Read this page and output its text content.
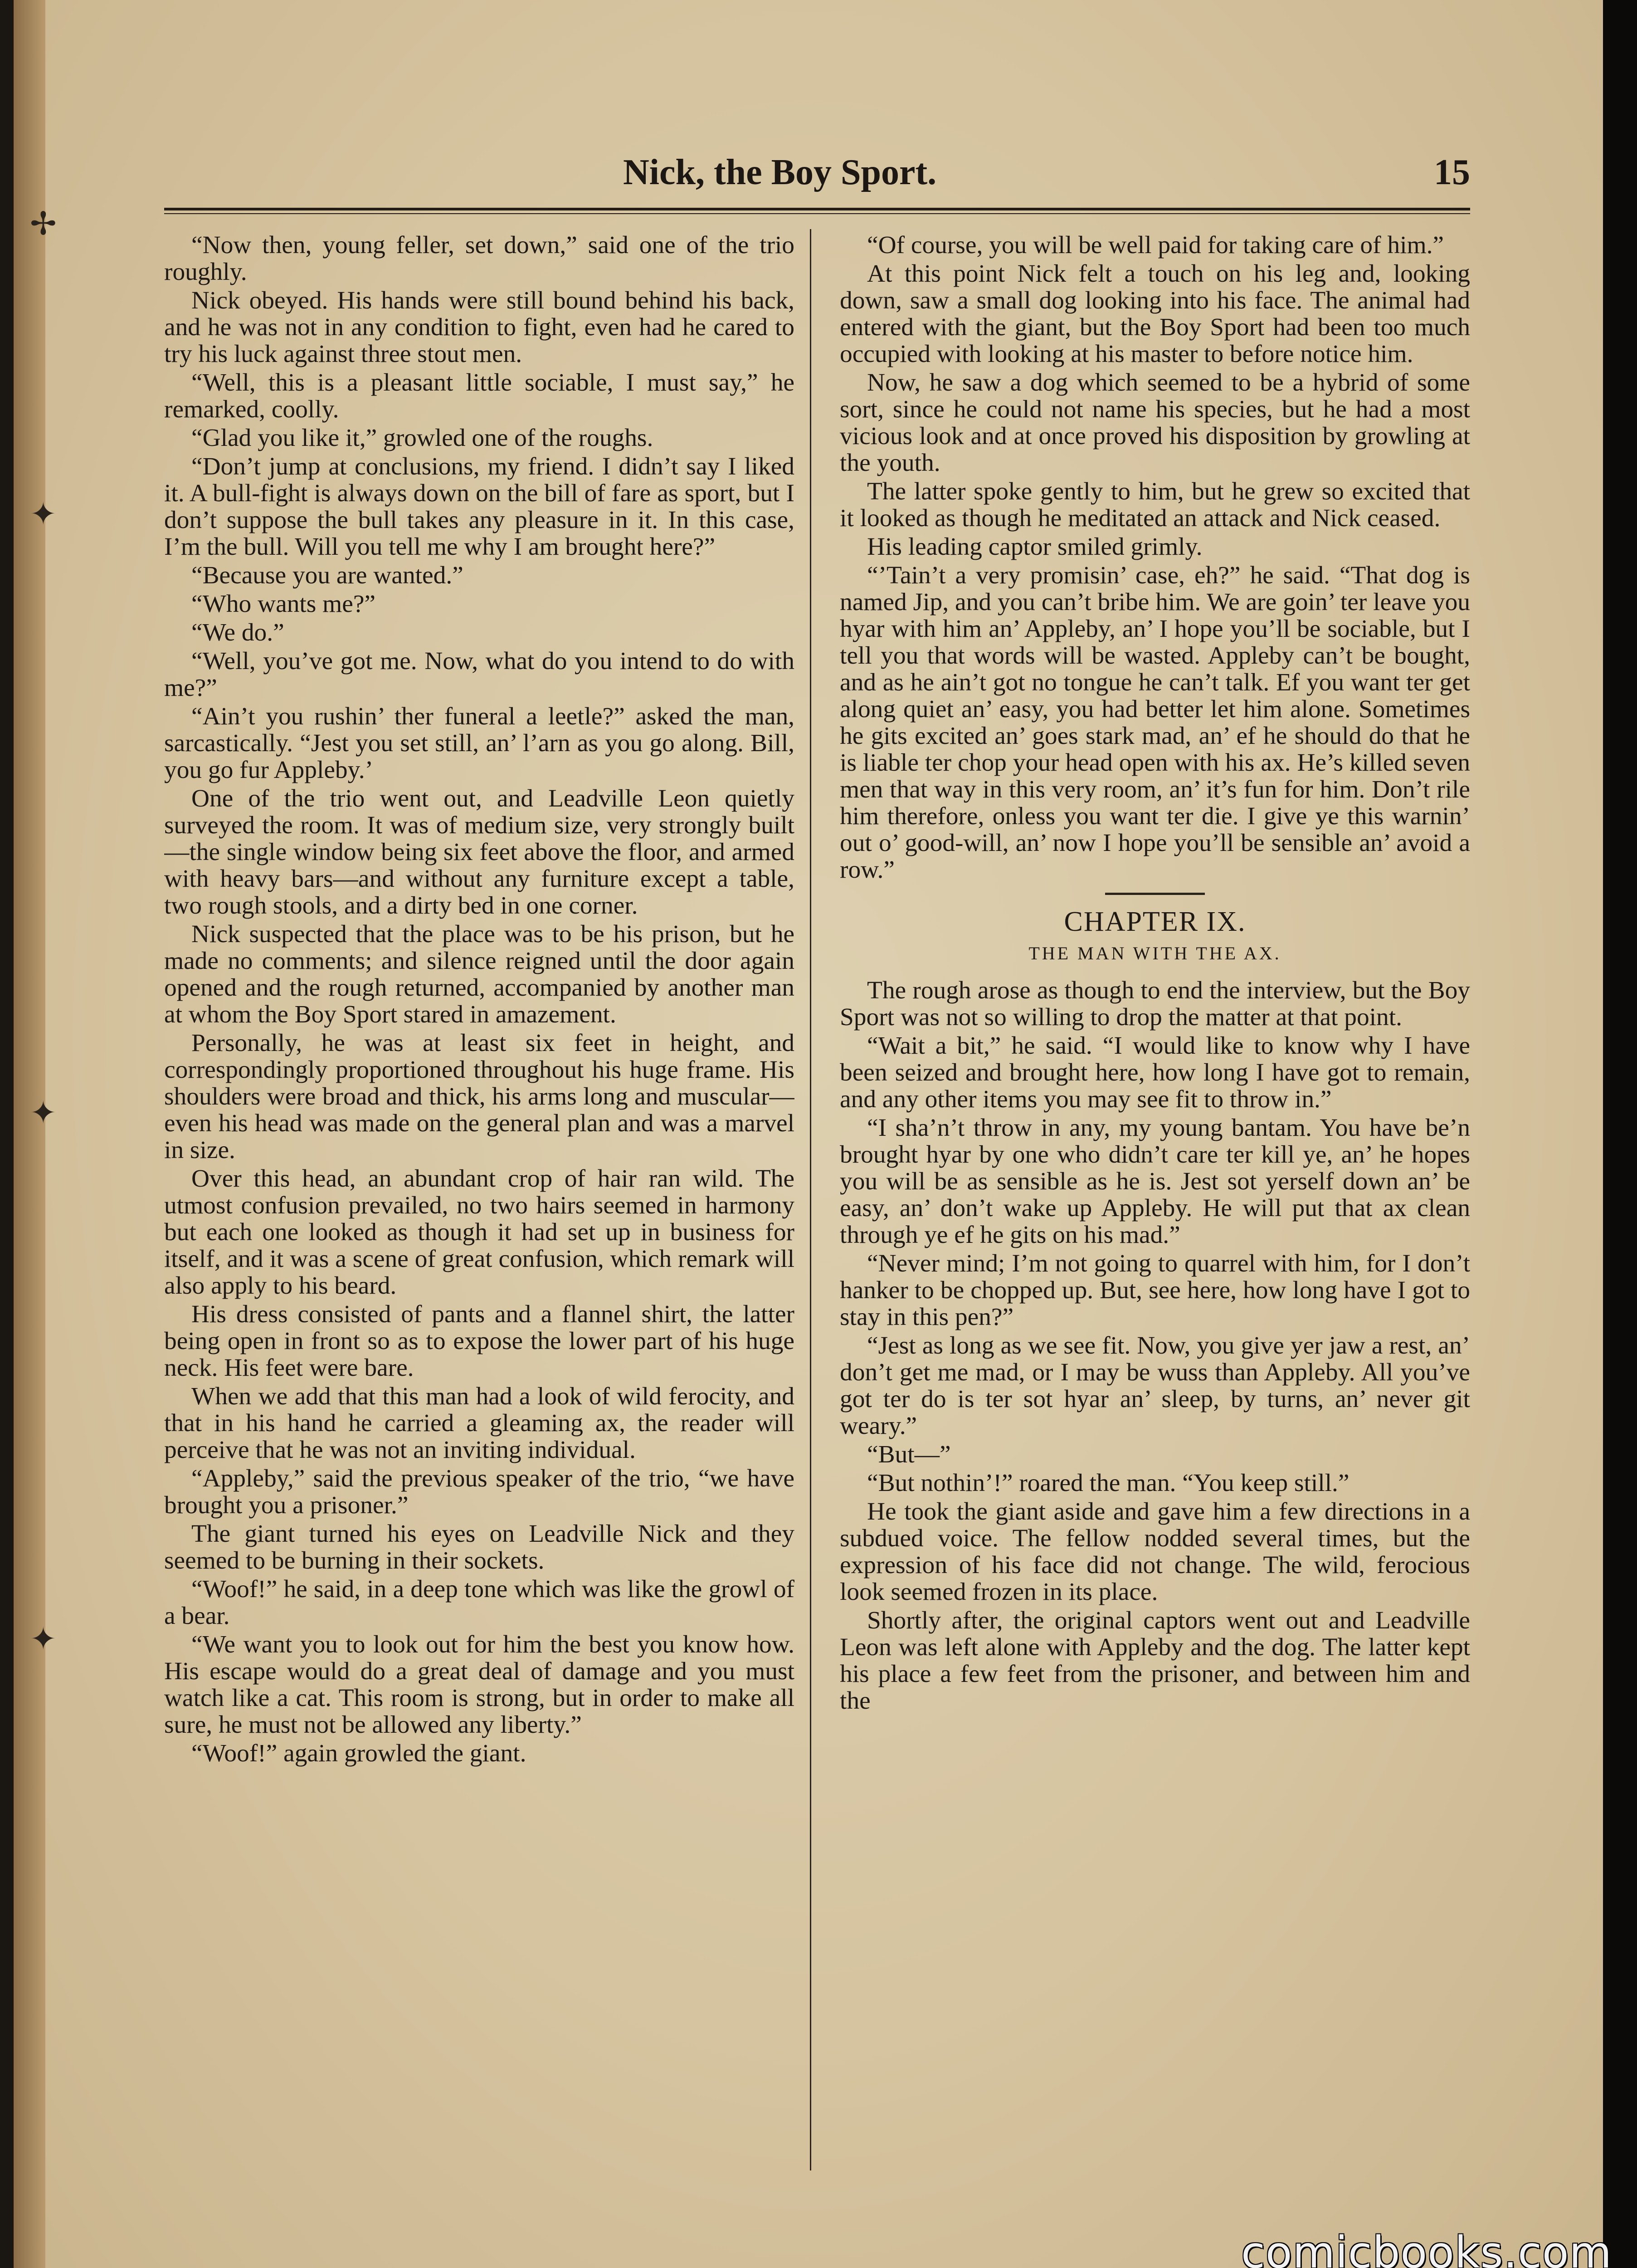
✢
✦
✦
✦
Nick, the Boy Sport.	15

“Now then, young feller, set down,” said one of the trio roughly.

Nick obeyed. His hands were still bound behind his back, and he was not in any condition to fight, even had he cared to try his luck against three stout men.

“Well, this is a pleasant little sociable, I must say,” he remarked, coolly.

“Glad you like it,” growled one of the roughs.

“Don’t jump at conclusions, my friend. I didn’t say I liked it. A bull-fight is always down on the bill of fare as sport, but I don’t suppose the bull takes any pleasure in it. In this case, I’m the bull. Will you tell me why I am brought here?”

“Because you are wanted.”

“Who wants me?”

“We do.”

“Well, you’ve got me. Now, what do you intend to do with me?”

“Ain’t you rushin’ ther funeral a leetle?” asked the man, sarcastically. “Jest you set still, an’ l’arn as you go along. Bill, you go fur Appleby.’

One of the trio went out, and Leadville Leon quietly surveyed the room. It was of medium size, very strongly built—the single window being six feet above the floor, and armed with heavy bars—and without any furniture except a table, two rough stools, and a dirty bed in one corner.

Nick suspected that the place was to be his prison, but he made no comments; and silence reigned until the door again opened and the rough returned, accompanied by another man at whom the Boy Sport stared in amazement.

Personally, he was at least six feet in height, and correspondingly proportioned throughout his huge frame. His shoulders were broad and thick, his arms long and muscular—even his head was made on the general plan and was a marvel in size.

Over this head, an abundant crop of hair ran wild. The utmost confusion prevailed, no two hairs seemed in harmony but each one looked as though it had set up in business for itself, and it was a scene of great confusion, which remark will also apply to his beard.

His dress consisted of pants and a flannel shirt, the latter being open in front so as to expose the lower part of his huge neck. His feet were bare.

When we add that this man had a look of wild ferocity, and that in his hand he carried a gleaming ax, the reader will perceive that he was not an inviting individual.

“Appleby,” said the previous speaker of the trio, “we have brought you a prisoner.”

The giant turned his eyes on Leadville Nick and they seemed to be burning in their sockets.

“Woof!” he said, in a deep tone which was like the growl of a bear.

“We want you to look out for him the best you know how. His escape would do a great deal of damage and you must watch like a cat. This room is strong, but in order to make all sure, he must not be allowed any liberty.”

“Woof!” again growled the giant.

“Of course, you will be well paid for taking care of him.”

At this point Nick felt a touch on his leg and, looking down, saw a small dog looking into his face. The animal had entered with the giant, but the Boy Sport had been too much occupied with looking at his master to before notice him.

Now, he saw a dog which seemed to be a hybrid of some sort, since he could not name his species, but he had a most vicious look and at once proved his disposition by growling at the youth.

The latter spoke gently to him, but he grew so excited that it looked as though he meditated an attack and Nick ceased.

His leading captor smiled grimly.

“’Tain’t a very promisin’ case, eh?” he said. “That dog is named Jip, and you can’t bribe him. We are goin’ ter leave you hyar with him an’ Appleby, an’ I hope you’ll be sociable, but I tell you that words will be wasted. Appleby can’t be bought, and as he ain’t got no tongue he can’t talk. Ef you want ter get along quiet an’ easy, you had better let him alone. Sometimes he gits excited an’ goes stark mad, an’ ef he should do that he is liable ter chop your head open with his ax. He’s killed seven men that way in this very room, an’ it’s fun for him. Don’t rile him therefore, onless you want ter die. I give ye this warnin’ out o’ good-will, an’ now I hope you’ll be sensible an’ avoid a row.”

CHAPTER IX.
THE MAN WITH THE AX.

The rough arose as though to end the interview, but the Boy Sport was not so willing to drop the matter at that point.

“Wait a bit,” he said. “I would like to know why I have been seized and brought here, how long I have got to remain, and any other items you may see fit to throw in.”

“I sha’n’t throw in any, my young bantam. You have be’n brought hyar by one who didn’t care ter kill ye, an’ he hopes you will be as sensible as he is. Jest sot yerself down an’ be easy, an’ don’t wake up Appleby. He will put that ax clean through ye ef he gits on his mad.”

“Never mind; I’m not going to quarrel with him, for I don’t hanker to be chopped up. But, see here, how long have I got to stay in this pen?”

“Jest as long as we see fit. Now, you give yer jaw a rest, an’ don’t get me mad, or I may be wuss than Appleby. All you’ve got ter do is ter sot hyar an’ sleep, by turns, an’ never git weary.”

“But—”

“But nothin’!” roared the man. “You keep still.”

He took the giant aside and gave him a few directions in a subdued voice. The fellow nodded several times, but the expression of his face did not change. The wild, ferocious look seemed frozen in its place.

Shortly after, the original captors went out and Leadville Leon was left alone with Appleby and the dog. The latter kept his place a few feet from the prisoner, and between him and the

comicbooks.com
